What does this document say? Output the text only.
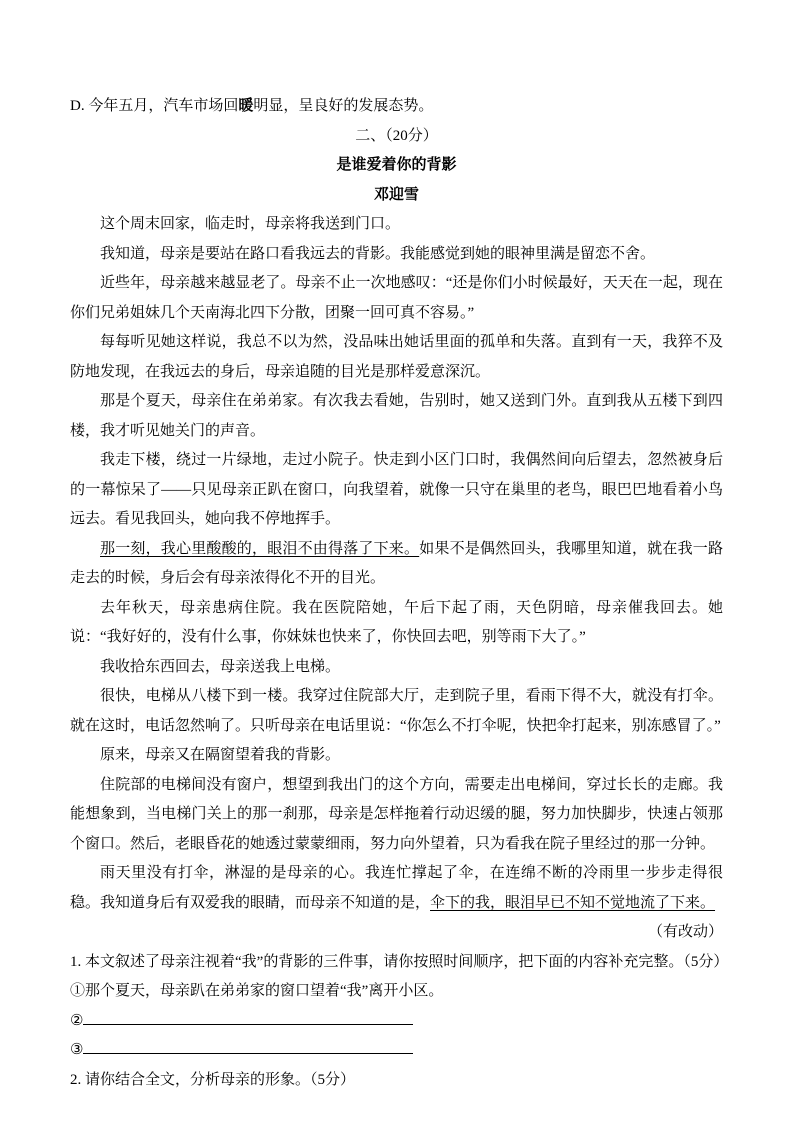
D. 今年五月，汽车市场回暖明显，呈良好的发展态势。

二、（20分）

是谁爱着你的背影

邓迎雪

这个周末回家，临走时，母亲将我送到门口。

我知道，母亲是要站在路口看我远去的背影。我能感觉到她的眼神里满是留恋不舍。

近些年，母亲越来越显老了。母亲不止一次地感叹：“还是你们小时候最好，天天在一起，现在你们兄弟姐妹几个天南海北四下分散，团聚一回可真不容易。”

每每听见她这样说，我总不以为然，没品味出她话里面的孤单和失落。直到有一天，我猝不及防地发现，在我远去的身后，母亲追随的目光是那样爱意深沉。

那是个夏天，母亲住在弟弟家。有次我去看她，告别时，她又送到门外。直到我从五楼下到四楼，我才听见她关门的声音。

我走下楼，绕过一片绿地，走过小院子。快走到小区门口时，我偶然间向后望去，忽然被身后的一幕惊呆了——只见母亲正趴在窗口，向我望着，就像一只守在巢里的老鸟，眼巴巴地看着小鸟远去。看见我回头，她向我不停地挥手。

那一刻，我心里酸酸的，眼泪不由得落了下来。如果不是偶然回头，我哪里知道，就在我一路走去的时候，身后会有母亲浓得化不开的目光。

去年秋天，母亲患病住院。我在医院陪她，午后下起了雨，天色阴暗，母亲催我回去。她说：“我好好的，没有什么事，你妹妹也快来了，你快回去吧，别等雨下大了。”

我收拾东西回去，母亲送我上电梯。

很快，电梯从八楼下到一楼。我穿过住院部大厅，走到院子里，看雨下得不大，就没有打伞。就在这时，电话忽然响了。只听母亲在电话里说：“你怎么不打伞呢，快把伞打起来，别冻感冒了。”

原来，母亲又在隔窗望着我的背影。

住院部的电梯间没有窗户，想望到我出门的这个方向，需要走出电梯间，穿过长长的走廊。我能想象到，当电梯门关上的那一刹那，母亲是怎样拖着行动迟缓的腿，努力加快脚步，快速占领那个窗口。然后，老眼昏花的她透过蒙蒙细雨，努力向外望着，只为看我在院子里经过的那一分钟。

雨天里没有打伞，淋湿的是母亲的心。我连忙撑起了伞，在连绵不断的冷雨里一步步走得很稳。我知道身后有双爱我的眼睛，而母亲不知道的是，伞下的我，眼泪早已不知不觉地流了下来。

（有改动）

1. 本文叙述了母亲注视着“我”的背影的三件事，请你按照时间顺序，把下面的内容补充完整。（5分）

①那个夏天，母亲趴在弟弟家的窗口望着“我”离开小区。

②

③

2. 请你结合全文，分析母亲的形象。（5分）
